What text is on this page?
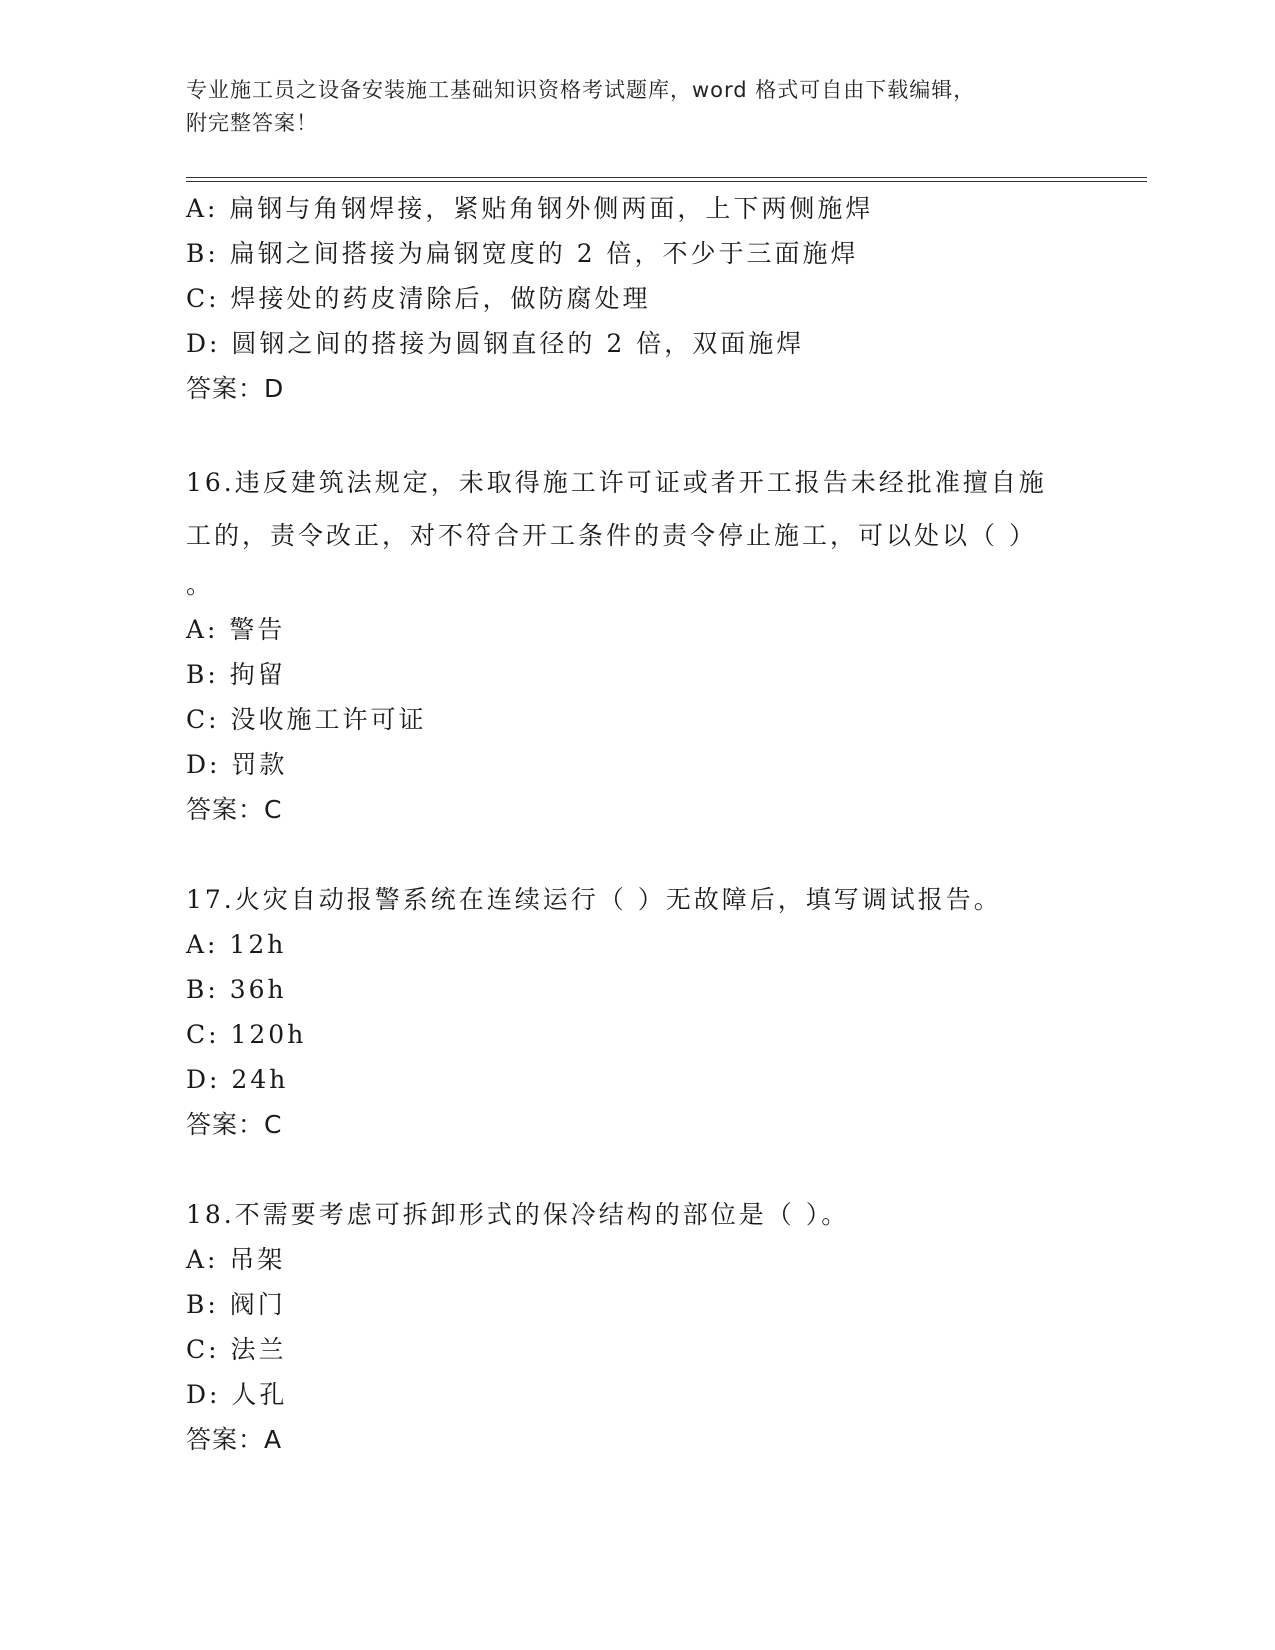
专业施工员之设备安装施工基础知识资格考试题库，word 格式可自由下载编辑，
附完整答案！
A: 扁钢与角钢焊接，紧贴角钢外侧两面，上下两侧施焊
B: 扁钢之间搭接为扁钢宽度的 2 倍，不少于三面施焊
C: 焊接处的药皮清除后，做防腐处理
D: 圆钢之间的搭接为圆钢直径的 2 倍，双面施焊
答案：D
16.违反建筑法规定，未取得施工许可证或者开工报告未经批准擅自施
工的，责令改正，对不符合开工条件的责令停止施工，可以处以（ ）
。
A: 警告
B: 拘留
C: 没收施工许可证
D: 罚款
答案：C
17.火灾自动报警系统在连续运行（ ）无故障后，填写调试报告。
A: 12h
B: 36h
C: 120h
D: 24h
答案：C
18.不需要考虑可拆卸形式的保冷结构的部位是（ ）。
A: 吊架
B: 阀门
C: 法兰
D: 人孔
答案：A
